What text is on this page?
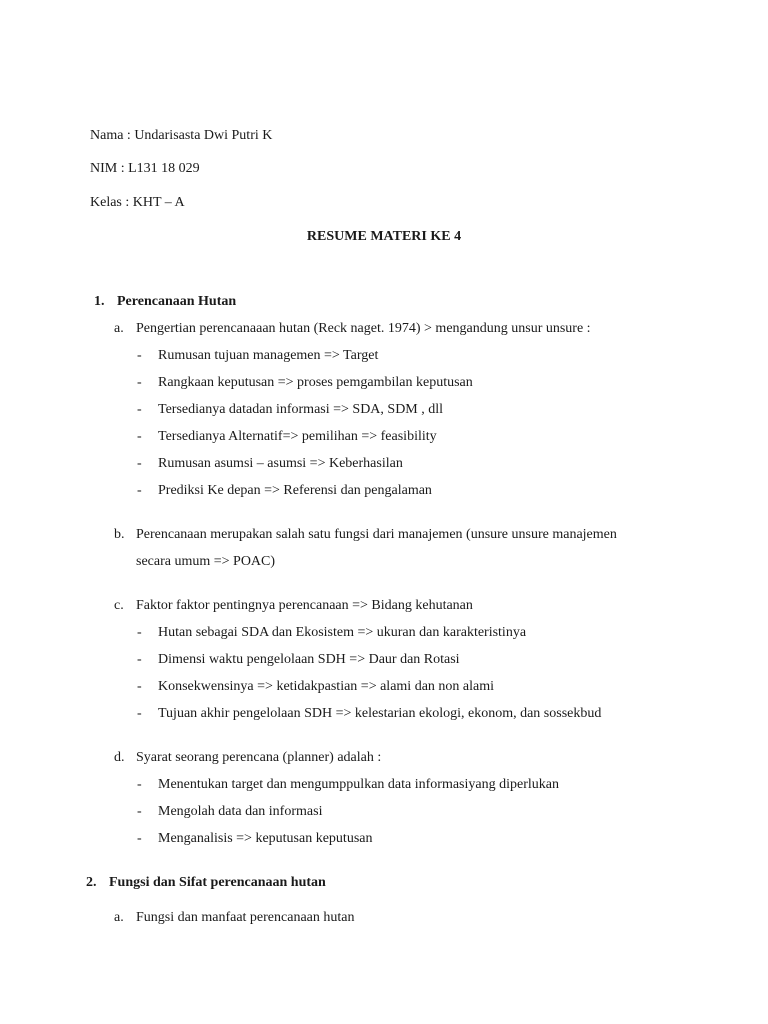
Nama : Undarisasta Dwi Putri K
NIM : L131 18 029
Kelas : KHT – A
RESUME MATERI KE 4
1. Perencanaan Hutan
a. Pengertian perencanaaan hutan (Reck naget. 1974) > mengandung unsur unsure :
- Rumusan tujuan managemen => Target
- Rangkaan keputusan => proses pemgambilan keputusan
- Tersedianya datadan informasi => SDA, SDM , dll
- Tersedianya Alternatif=> pemilihan => feasibility
- Rumusan asumsi – asumsi => Keberhasilan
- Prediksi Ke depan => Referensi dan pengalaman
b. Perencanaan merupakan salah satu fungsi dari manajemen (unsure unsure manajemen
secara umum => POAC)
c. Faktor faktor pentingnya perencanaan => Bidang kehutanan
- Hutan sebagai SDA dan Ekosistem => ukuran dan karakteristinya
- Dimensi waktu pengelolaan SDH => Daur dan Rotasi
- Konsekwensinya => ketidakpastian => alami dan non alami
- Tujuan akhir pengelolaan SDH => kelestarian ekologi, ekonom, dan sossekbud
d. Syarat seorang perencana (planner) adalah :
- Menentukan target dan mengumppulkan data informasiyang diperlukan
- Mengolah data dan informasi
- Menganalisis => keputusan keputusan
2. Fungsi dan Sifat perencanaan hutan
a. Fungsi dan manfaat perencanaan hutan
